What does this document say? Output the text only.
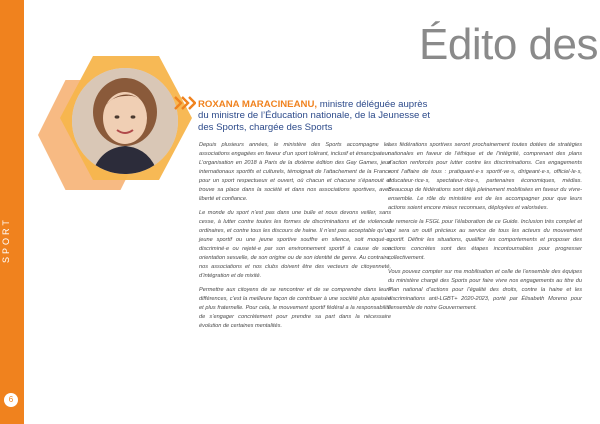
SPORT
6
Édito des
ROXANA MARACINEANU, ministre déléguée auprès du ministre de l’Éducation nationale, de la Jeunesse et des Sports, chargée des Sports

Depuis plusieurs années, le ministère des Sports accompagne les associations engagées en faveur d’un sport tolérant, inclusif et émancipateur. L’organisation en 2018 à Paris de la dixième édition des Gay Games, jeux internationaux sportifs et culturels, témoignait de l’attachement de la France pour un sport respectueux et ouvert, où chacun et chacune s’épanouit et trouve sa place dans la société et dans nos associations sportives, avec liberté et confiance.

Le monde du sport n’est pas dans une bulle et nous devons veiller, sans cesse, à lutter contre toutes les formes de discriminations et de violences ordinaires, et contre tous les discours de haine. Il n’est pas acceptable qu’un jeune sportif ou une jeune sportive souffre en silence, soit moqué·e, discriminé·e ou rejeté·e par son environnement sportif à cause de son orientation sexuelle, de son origine ou de son identité de genre. Au contraire, nos associations et nos clubs doivent être des vecteurs de citoyenneté, d’intégration et de mixité.

Permettre aux citoyens de se rencontrer et de se comprendre dans leurs différences, c’est la meilleure façon de contribuer à une société plus apaisée et plus fraternelle. Pour cela, le mouvement sportif fédéral a la responsabilité de s’engager concrètement pour prendre sa part dans la nécessaire évolution de certaines mentalités.

Les fédérations sportives seront prochainement toutes dotées de stratégies nationales en faveur de l’éthique et de l’intégrité, comprenant des plans d’action renforcés pour lutter contre les discriminations. Ces engagements sont l’affaire de tous : pratiquant·e·s sportif·ve·s, dirigeant·e·s, officiel·le·s, éducateur·rice·s, spectateur·rice·s, partenaires économiques, médias. Beaucoup de fédérations sont déjà pleinement mobilisées en faveur du vivre-ensemble. Le rôle du ministère est de les accompagner pour que leurs actions soient encore mieux reconnues, déployées et valorisées.

Je remercie la FSGL pour l’élaboration de ce Guide. Inclusion très complet et qui sera un outil précieux au service de tous les acteurs du mouvement sportif. Définir les situations, qualifier les comportements et proposer des actions concrètes sont des étapes incontournables pour progresser collectivement.

Vous pouvez compter sur ma mobilisation et celle de l’ensemble des équipes du ministère chargé des Sports pour faire vivre nos engagements au titre du Plan national d’actions pour l’égalité des droits, contre la haine et les discriminations anti-LGBT+ 2020-2023, porté par Élisabeth Moreno pour l’ensemble de notre Gouvernement.
